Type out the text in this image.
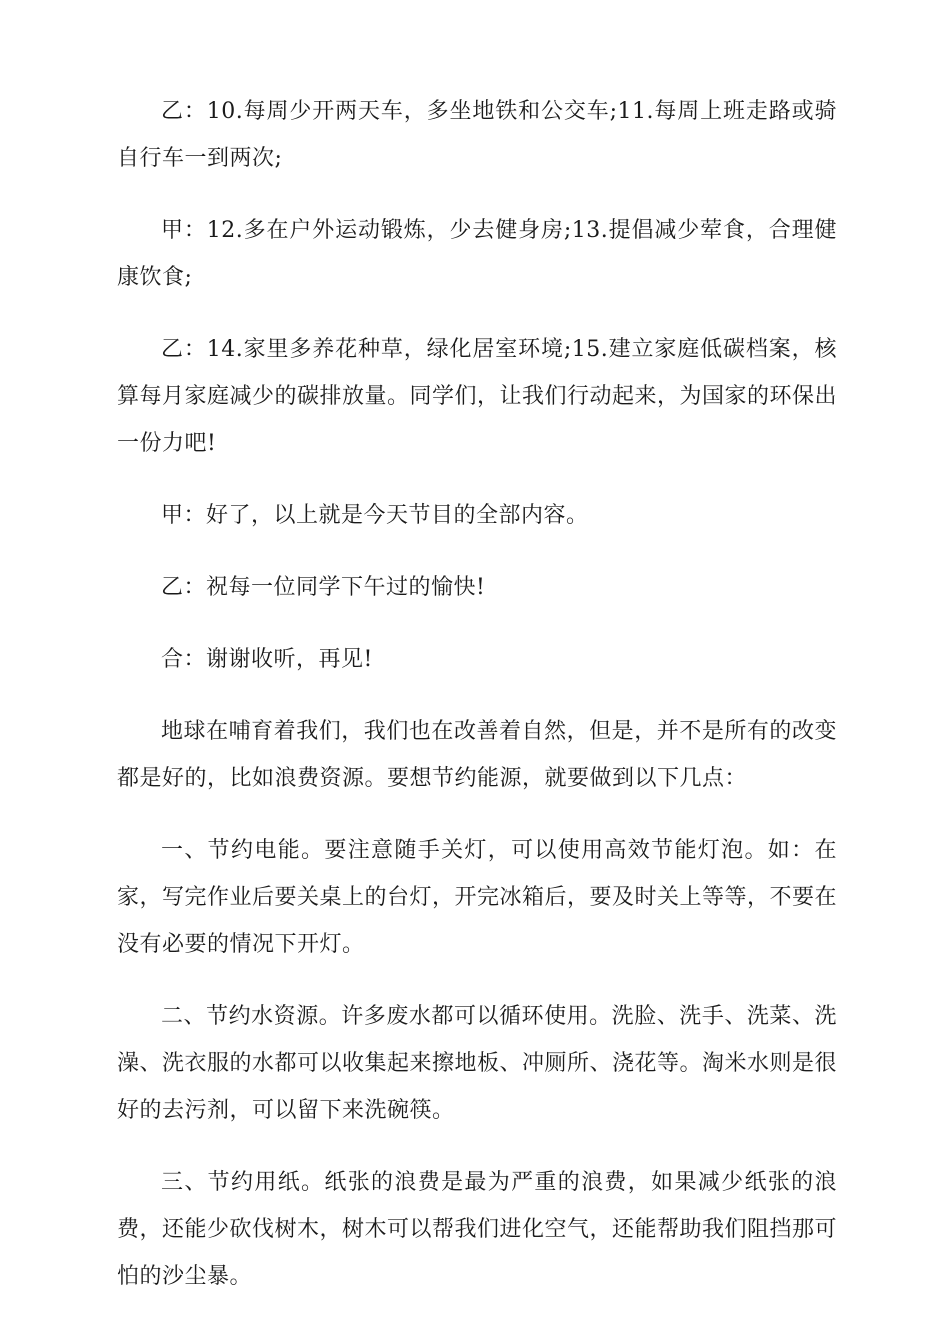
乙：10.每周少开两天车，多坐地铁和公交车;11.每周上班走路或骑自行车一到两次;

甲：12.多在户外运动锻炼，少去健身房;13.提倡减少荤食，合理健康饮食;

乙：14.家里多养花种草，绿化居室环境;15.建立家庭低碳档案，核算每月家庭减少的碳排放量。同学们，让我们行动起来，为国家的环保出一份力吧!

甲：好了，以上就是今天节目的全部内容。

乙：祝每一位同学下午过的愉快!

合：谢谢收听，再见!

地球在哺育着我们，我们也在改善着自然，但是，并不是所有的改变都是好的，比如浪费资源。要想节约能源，就要做到以下几点：

一、节约电能。要注意随手关灯，可以使用高效节能灯泡。如：在家，写完作业后要关桌上的台灯，开完冰箱后，要及时关上等等，不要在没有必要的情况下开灯。

二、节约水资源。许多废水都可以循环使用。洗脸、洗手、洗菜、洗澡、洗衣服的水都可以收集起来擦地板、冲厕所、浇花等。淘米水则是很好的去污剂，可以留下来洗碗筷。

三、节约用纸。纸张的浪费是最为严重的浪费，如果减少纸张的浪费，还能少砍伐树木，树木可以帮我们进化空气，还能帮助我们阻挡那可怕的沙尘暴。
